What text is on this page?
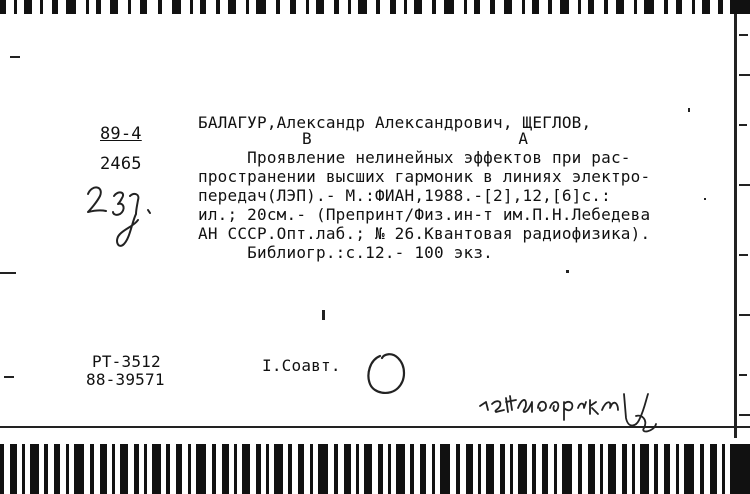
89-4
2465
БАЛАГУР,Александр Александрович, ЩЕГЛОВ,
В                     А
Проявление нелинейных эффектов при рас-
пространении высших гармоник в линиях электро-
передач(ЛЭП).- М.:ФИАН,1988.-[2],12,[6]с.:
ил.; 20см.- (Препринт/Физ.ин-т им.П.Н.Лебедева
АН СССР.Опт.лаб.; № 26.Квантовая радиофизика).
Библиогр.:с.12.- 100 экз.
РТ-3512
88-39571
I.Соавт.
